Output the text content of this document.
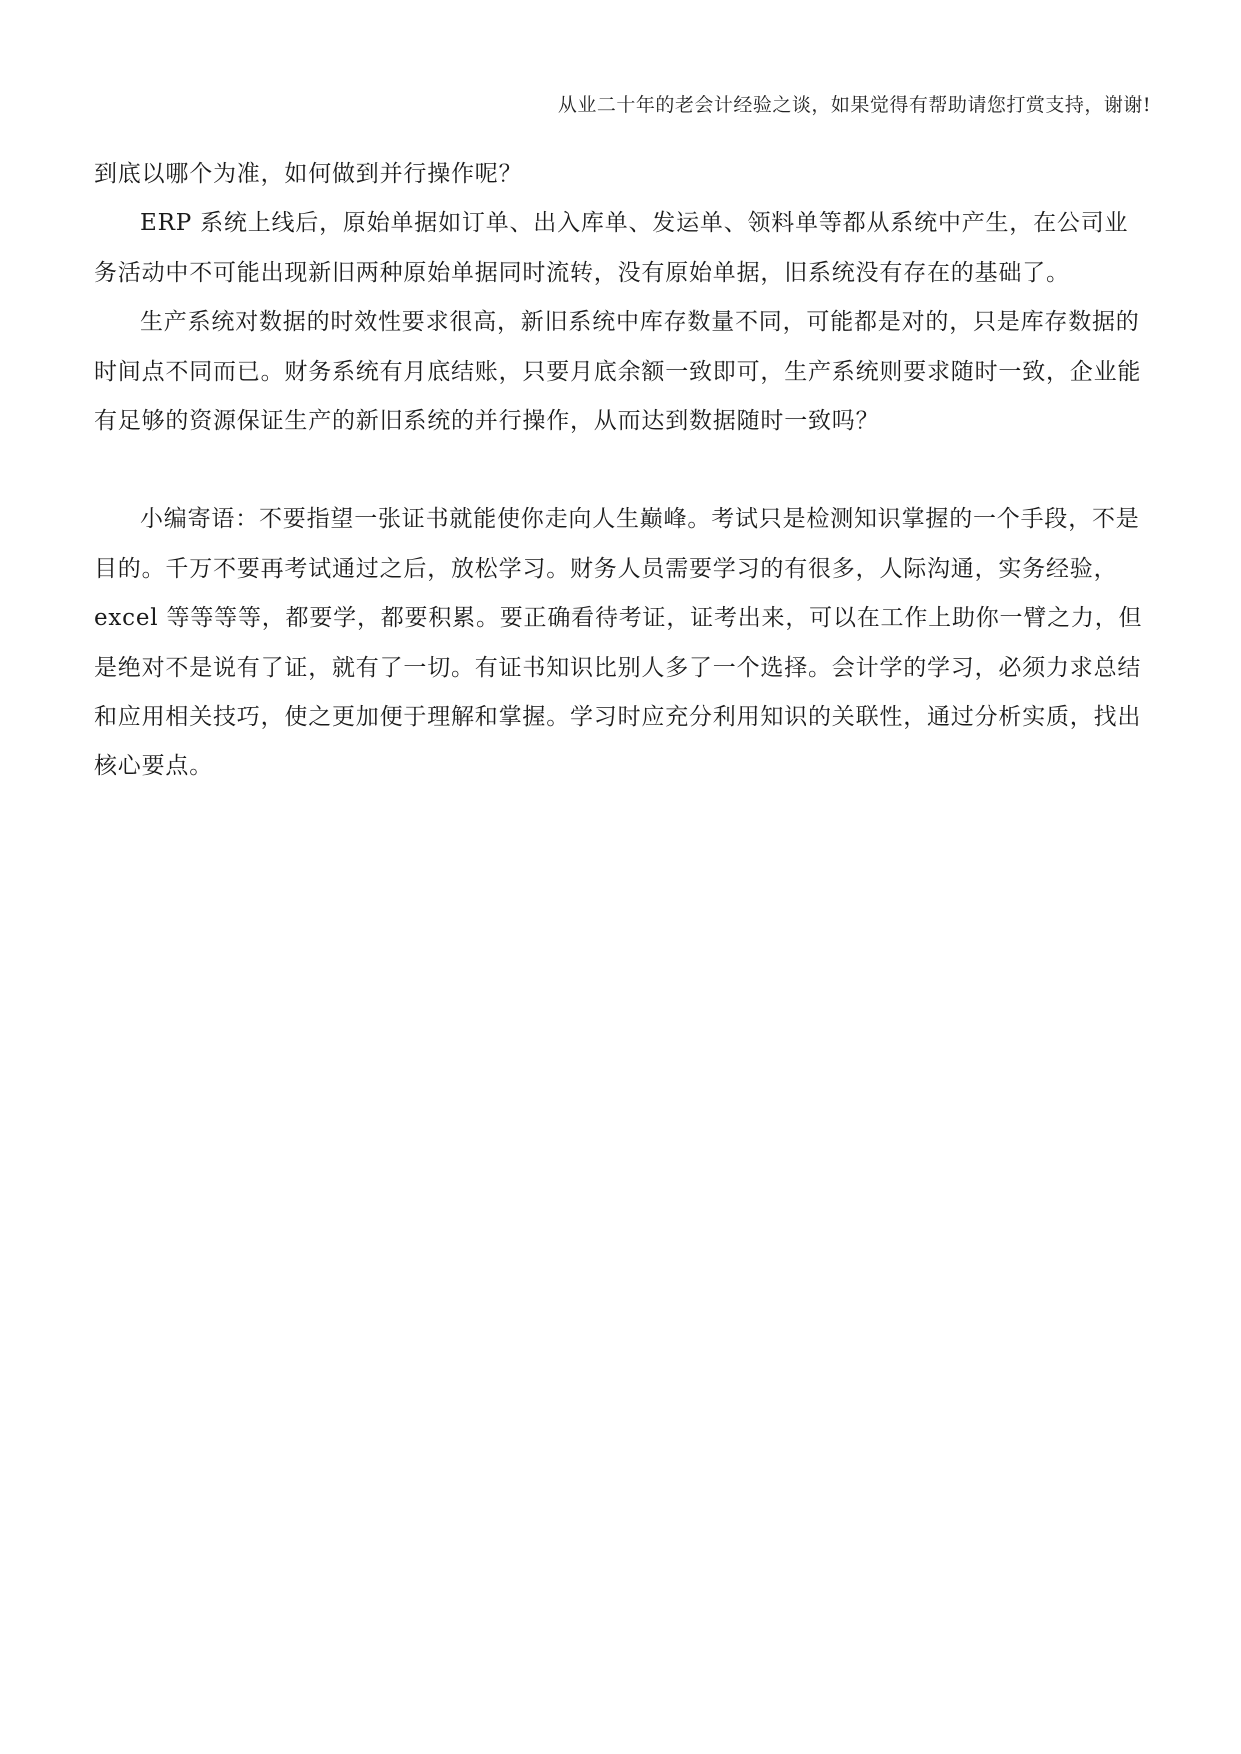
从业二十年的老会计经验之谈，如果觉得有帮助请您打赏支持，谢谢!

到底以哪个为准，如何做到并行操作呢？

ERP 系统上线后，原始单据如订单、出入库单、发运单、领料单等都从系统中产生，在公司业务活动中不可能出现新旧两种原始单据同时流转，没有原始单据，旧系统没有存在的基础了。

生产系统对数据的时效性要求很高，新旧系统中库存数量不同，可能都是对的，只是库存数据的时间点不同而已。财务系统有月底结账，只要月底余额一致即可，生产系统则要求随时一致，企业能有足够的资源保证生产的新旧系统的并行操作，从而达到数据随时一致吗？

小编寄语：不要指望一张证书就能使你走向人生巅峰。考试只是检测知识掌握的一个手段，不是目的。千万不要再考试通过之后，放松学习。财务人员需要学习的有很多，人际沟通，实务经验，excel 等等等等，都要学，都要积累。要正确看待考证，证考出来，可以在工作上助你一臂之力，但是绝对不是说有了证，就有了一切。有证书知识比别人多了一个选择。会计学的学习，必须力求总结和应用相关技巧，使之更加便于理解和掌握。学习时应充分利用知识的关联性，通过分析实质，找出核心要点。
